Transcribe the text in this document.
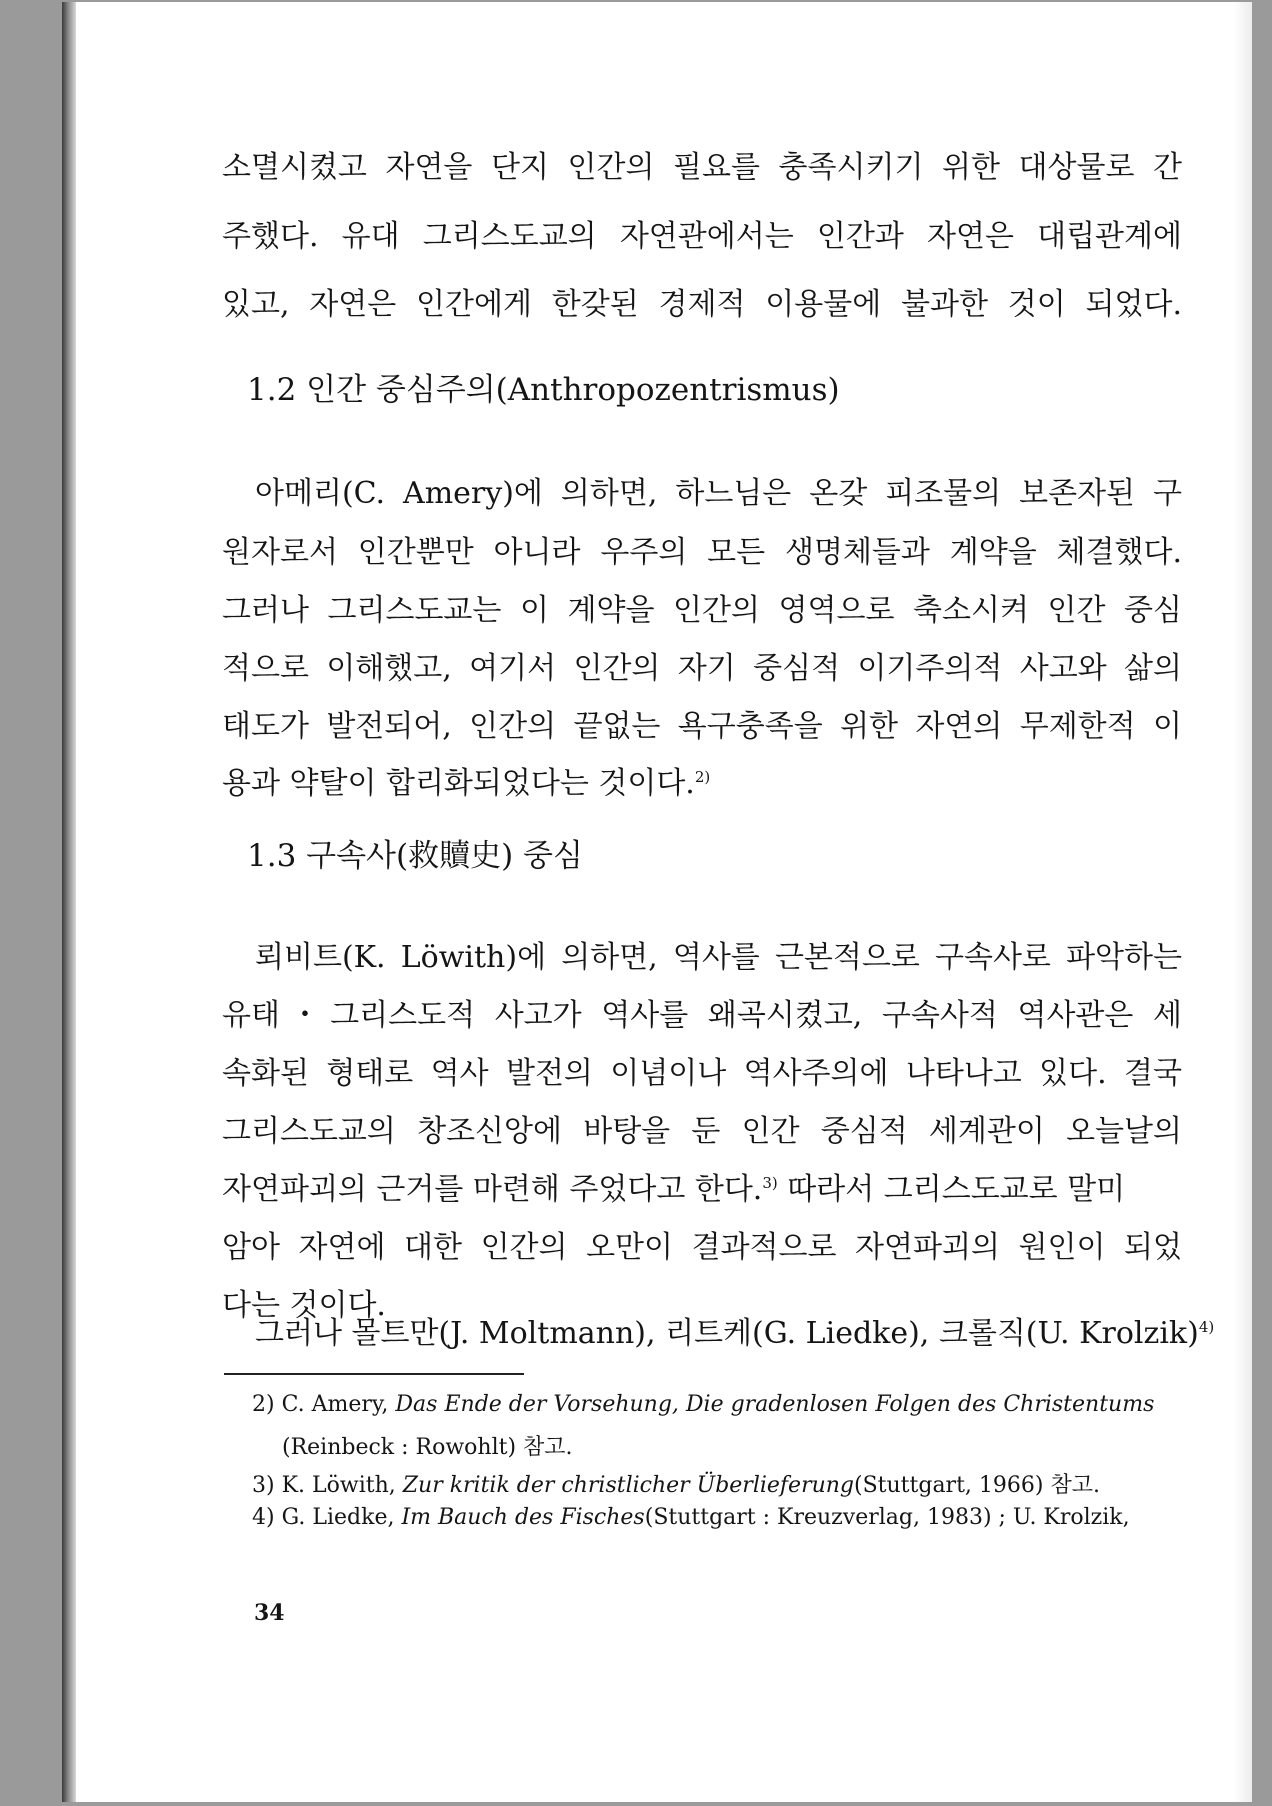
소멸시켰고 자연을 단지 인간의 필요를 충족시키기 위한 대상물로 간
주했다. 유대 그리스도교의 자연관에서는 인간과 자연은 대립관계에
있고, 자연은 인간에게 한갖된 경제적 이용물에 불과한 것이 되었다.
1.2 인간 중심주의(Anthropozentrismus)
아메리(C. Amery)에 의하면, 하느님은 온갖 피조물의 보존자된 구
원자로서 인간뿐만 아니라 우주의 모든 생명체들과 계약을 체결했다.
그러나 그리스도교는 이 계약을 인간의 영역으로 축소시켜 인간 중심
적으로 이해했고, 여기서 인간의 자기 중심적 이기주의적 사고와 삶의
태도가 발전되어, 인간의 끝없는 욕구충족을 위한 자연의 무제한적 이
용과 약탈이 합리화되었다는 것이다.$^{2)}$
1.3 구속사(救贖史) 중심
뢰비트(K. Löwith)에 의하면, 역사를 근본적으로 구속사로 파악하는
유태・그리스도적 사고가 역사를 왜곡시켰고, 구속사적 역사관은 세
속화된 형태로 역사 발전의 이념이나 역사주의에 나타나고 있다. 결국
그리스도교의 창조신앙에 바탕을 둔 인간 중심적 세계관이 오늘날의
자연파괴의 근거를 마련해 주었다고 한다.$^{3)}$ 따라서 그리스도교로 말미
암아 자연에 대한 인간의 오만이 결과적으로 자연파괴의 원인이 되었
다는 것이다.
그러나 몰트만(J. Moltmann), 리트케(G. Liedke), 크롤직(U. Krolzik)$^{4)}$
2) C. Amery, Das Ende der Vorsehung, Die gradenlosen Folgen des Christentums
(Reinbeck : Rowohlt) 참고.
3) K. Löwith, Zur kritik der christlicher Überlieferung(Stuttgart, 1966) 참고.
4) G. Liedke, Im Bauch des Fisches(Stuttgart : Kreuzverlag, 1983) ; U. Krolzik,
34
